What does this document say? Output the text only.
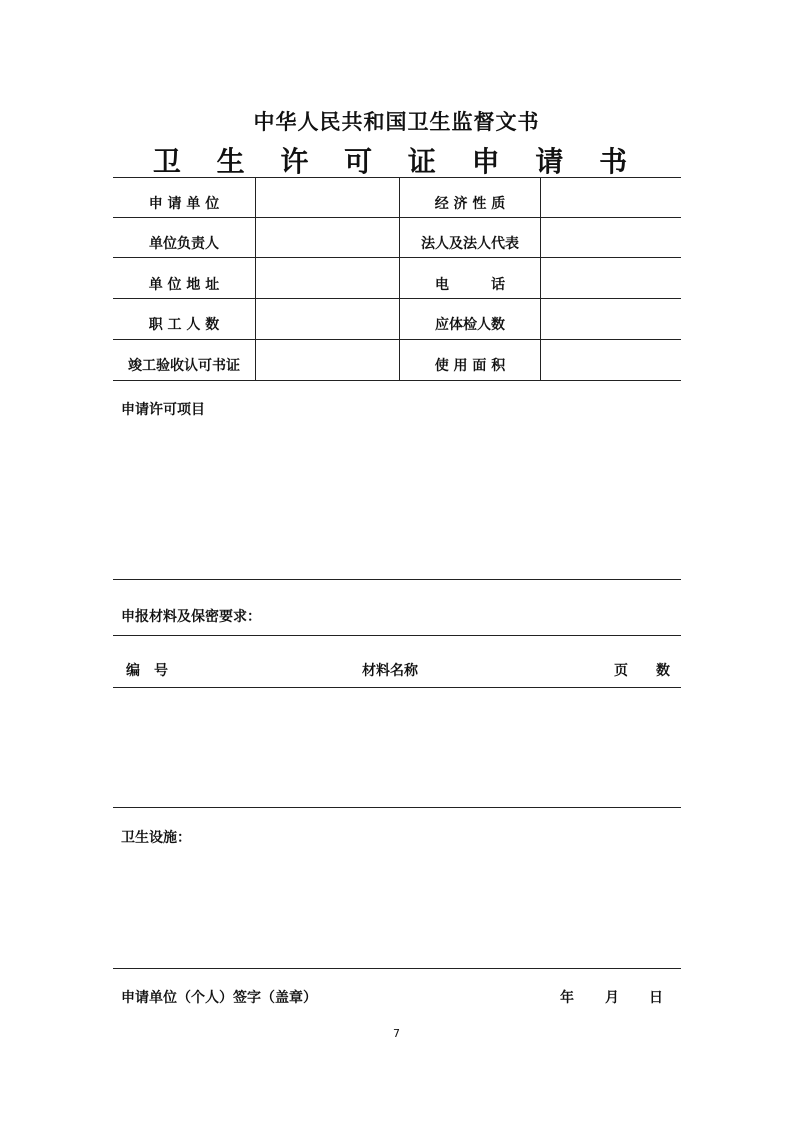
中华人民共和国卫生监督文书
卫 生 许 可 证 申 请 书
申 请 单 位	经 济 性 质
单位负责人	法人及法人代表
单 位 地 址	电　　　话
职 工 人 数	应体检人数
竣工验收认可书证	使 用 面 积
申请许可项目
申报材料及保密要求：
编　号	材料名称	页　　数
卫生设施：
申请单位（个人）签字（盖章）	年 月 日
7
